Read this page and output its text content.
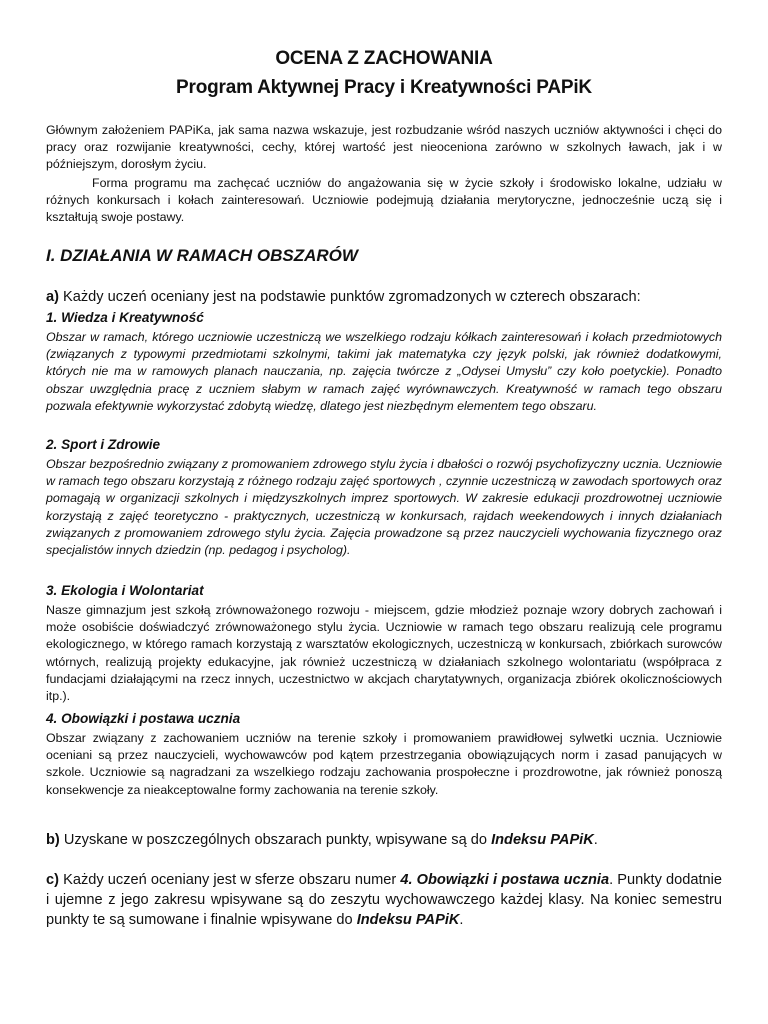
OCENA Z ZACHOWANIA
Program Aktywnej Pracy i Kreatywności PAPiK

Głównym założeniem PAPiKa, jak sama nazwa wskazuje, jest rozbudzanie wśród naszych uczniów aktywności i chęci do pracy oraz rozwijanie kreatywności, cechy, której wartość jest nieoceniona zarówno w szkolnych ławach, jak i w późniejszym, dorosłym życiu.

Forma programu ma zachęcać uczniów do angażowania się w życie szkoły i środowisko lokalne, udziału w różnych konkursach i kołach zainteresowań. Uczniowie podejmują działania merytoryczne, jednocześnie uczą się i kształtują swoje postawy.

I. DZIAŁANIA W RAMACH OBSZARÓW

a) Każdy uczeń oceniany jest na podstawie punktów zgromadzonych w czterech obszarach:

1. Wiedza i Kreatywność

Obszar w ramach, którego uczniowie uczestniczą we wszelkiego rodzaju kółkach zainteresowań i kołach przedmiotowych (związanych z typowymi przedmiotami szkolnymi, takimi jak matematyka czy język polski, jak również dodatkowymi, których nie ma w ramowych planach nauczania, np. zajęcia twórcze z „Odysei Umysłu” czy koło poetyckie). Ponadto obszar uwzględnia pracę z uczniem słabym w ramach zajęć wyrównawczych. Kreatywność w ramach tego obszaru pozwala efektywnie wykorzystać zdobytą wiedzę, dlatego jest niezbędnym elementem tego obszaru.

2. Sport i Zdrowie

Obszar bezpośrednio związany z promowaniem zdrowego stylu życia i dbałości o rozwój psychofizyczny ucznia. Uczniowie w ramach tego obszaru korzystają z różnego rodzaju zajęć sportowych , czynnie uczestniczą w zawodach sportowych oraz pomagają w organizacji szkolnych i międzyszkolnych imprez sportowych. W zakresie edukacji prozdrowotnej uczniowie korzystają z zajęć teoretyczno - praktycznych, uczestniczą w konkursach, rajdach weekendowych i innych działaniach związanych z promowaniem zdrowego stylu życia. Zajęcia prowadzone są przez nauczycieli wychowania fizycznego oraz specjalistów innych dziedzin (np. pedagog i psycholog).

3. Ekologia i Wolontariat

Nasze gimnazjum jest szkołą zrównoważonego rozwoju - miejscem, gdzie młodzież poznaje wzory dobrych zachowań i może osobiście doświadczyć zrównoważonego stylu życia. Uczniowie w ramach tego obszaru realizują cele programu ekologicznego, w którego ramach korzystają z warsztatów ekologicznych, uczestniczą w konkursach, zbiórkach surowców wtórnych, realizują projekty edukacyjne, jak również uczestniczą w działaniach szkolnego wolontariatu (współpraca z fundacjami działającymi na rzecz innych, uczestnictwo w akcjach charytatywnych, organizacja zbiórek okolicznościowych itp.).

4. Obowiązki i postawa ucznia

Obszar związany z zachowaniem uczniów na terenie szkoły i promowaniem prawidłowej sylwetki ucznia. Uczniowie oceniani są przez nauczycieli, wychowawców pod kątem przestrzegania obowiązujących norm i zasad panujących w szkole. Uczniowie są nagradzani za wszelkiego rodzaju zachowania prospołeczne i prozdrowotne, jak również ponoszą konsekwencje za nieakceptowalne formy zachowania na terenie szkoły.

b) Uzyskane w poszczególnych obszarach punkty, wpisywane są do Indeksu PAPiK.

c) Każdy uczeń oceniany jest w sferze obszaru numer 4. Obowiązki i postawa ucznia. Punkty dodatnie i ujemne z jego zakresu wpisywane są do zeszytu wychowawczego każdej klasy. Na koniec semestru punkty te są sumowane i finalnie wpisywane do Indeksu PAPiK.
